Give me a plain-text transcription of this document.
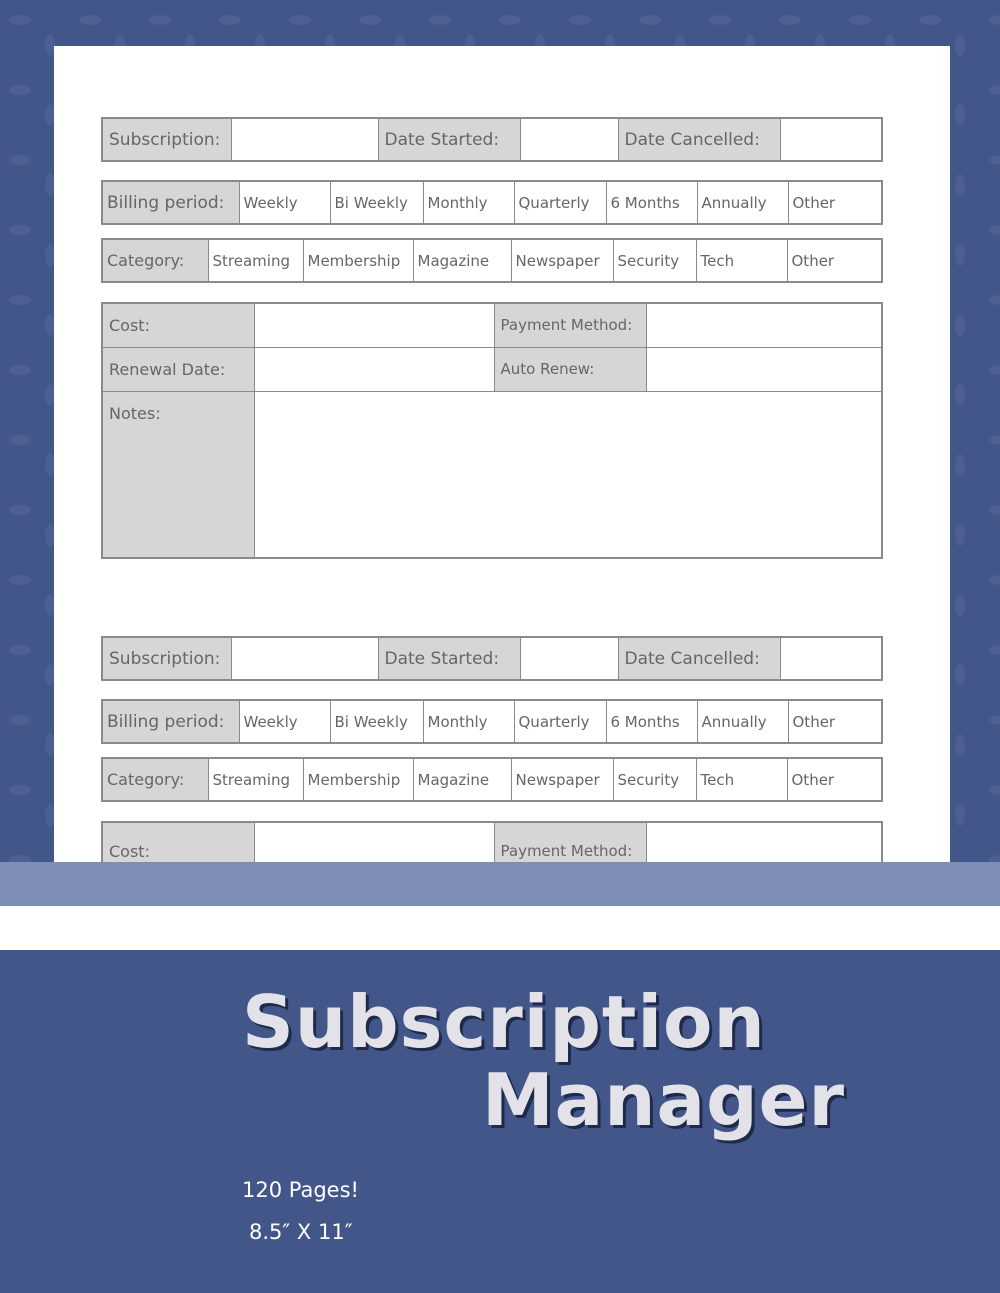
Subscription:		Date Started:		Date Cancelled:	
Billing period:	Weekly	Bi Weekly	Monthly	Quarterly	6 Months	Annually	Other
Category:	Streaming	Membership	Magazine	Newspaper	Security	Tech	Other
Cost:		Payment Method:	
Renewal Date:		Auto Renew:	
Notes:			
Subscription:		Date Started:		Date Cancelled:	
Billing period:	Weekly	Bi Weekly	Monthly	Quarterly	6 Months	Annually	Other
Category:	Streaming	Membership	Magazine	Newspaper	Security	Tech	Other
Cost:		Payment Method:	
Subscription
Manager
120 Pages!
8.5″ X 11″
